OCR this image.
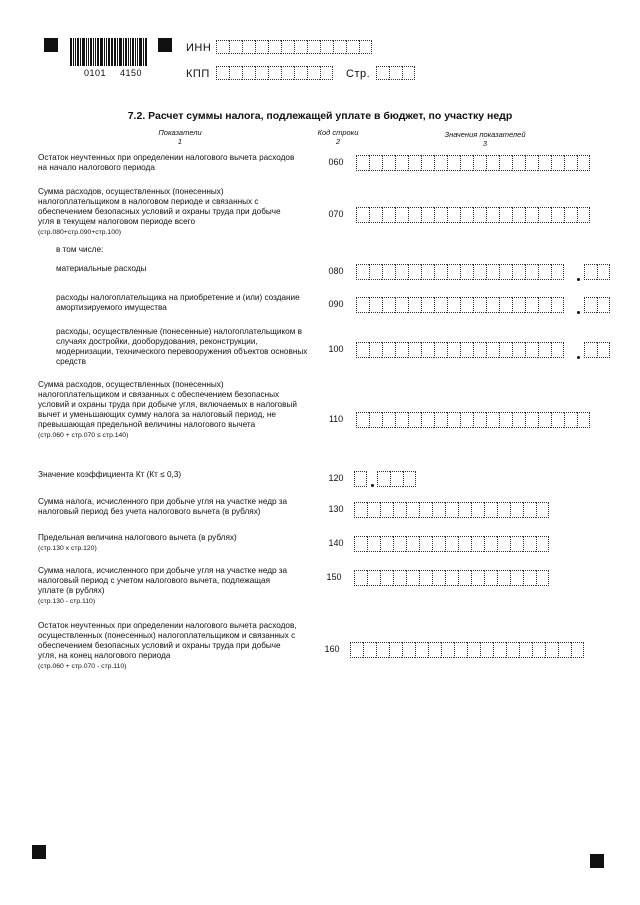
0101 4150
ИНН
КПП	Стр.
7.2. Расчет суммы налога, подлежащей уплате в бюджет, по участку недр
Показатели
1
Код строки
2
Значения показателей
3
Остаток неучтенных при определении налогового вычета расходов на начало налогового периода
060
Сумма расходов, осуществленных (понесенных) налогоплательщиком в налоговом периоде и связанных с обеспечением безопасных условий и охраны труда при добыче угля в текущем налоговом периоде всего
(стр.080+стр.090+стр.100)
070
в том числе:
материальные расходы	080
расходы налогоплательщика на приобретение и (или) создание амортизируемого имущества	090
расходы, осуществленные (понесенные) налогоплательщиком в случаях достройки, дооборудования, реконструкции, модернизации, технического перевооружения объектов основных средств
100
Сумма расходов, осуществленных (понесенных) налогоплательщиком и связанных с обеспечением безопасных условий и охраны труда при добыче угля, включаемых в налоговый вычет и уменьшающих сумму налога за налоговый период, не превышающая предельной величины налогового вычета
(стр.060 + стр.070 ≤ стр.140)
110
Значение коэффициента Кт (Кт ≤ 0,3)	120
Сумма налога, исчисленного при добыче угля на участке недр за налоговый период без учета налогового вычета (в рублях)	130
Предельная величина налогового вычета (в рублях)
(стр.130 х стр.120)
140
Сумма налога, исчисленного при добыче угля на участке недр за налоговый период с учетом налогового вычета, подлежащая уплате (в рублях)
(стр.130 - стр.110)
150
Остаток неучтенных при определении налогового вычета расходов, осуществленных (понесенных) налогоплательщиком и связанных с обеспечением безопасных условий и охраны труда при добыче угля, на конец налогового периода
(стр.060 + стр.070 - стр.110)
160
